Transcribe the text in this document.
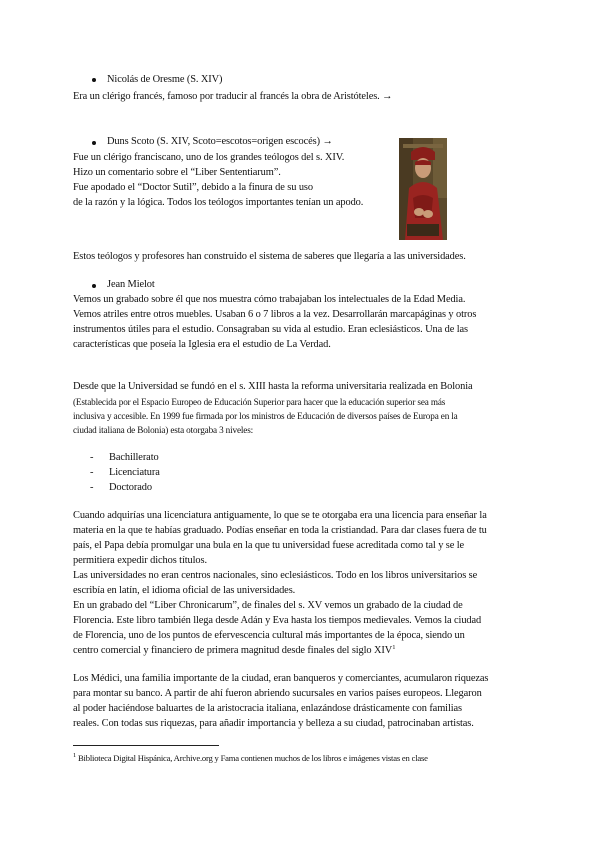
Nicolás de Oresme (S. XIV)
Era un clérigo francés, famoso por traducir al francés la obra de Aristóteles. →
Duns Scoto (S. XIV, Scoto=escotos=origen escocés) →
Fue un clérigo franciscano, uno de los grandes teólogos del s. XIV.
Hizo un comentario sobre el “Liber Sententiarum”.
Fue apodado el “Doctor Sutil”, debido a la finura de su uso
de la razón y la lógica. Todos los teólogos importantes tenían un apodo.
Estos teólogos y profesores han construido el sistema de saberes que llegaría a las universidades.
Jean Mielot
Vemos un grabado sobre él que nos muestra cómo trabajaban los intelectuales de la Edad Media.
Vemos atriles entre otros muebles. Usaban 6 o 7 libros a la vez. Desarrollarán marcapáginas y otros
instrumentos útiles para el estudio. Consagraban su vida al estudio. Eran eclesiásticos. Una de las
características que poseía la Iglesia era el estudio de La Verdad.
Desde que la Universidad se fundó en el s. XIII hasta la reforma universitaria realizada en Bolonia
(Establecida por el Espacio Europeo de Educación Superior para hacer que la educación superior sea más
inclusiva y accesible. En 1999 fue firmada por los ministros de Educación de diversos países de Europa en la
ciudad italiana de Bolonia) esta otorgaba 3 niveles:
- Bachillerato
- Licenciatura
- Doctorado
Cuando adquirías una licenciatura antiguamente, lo que se te otorgaba era una licencia para enseñar la
materia en la que te habías graduado. Podías enseñar en toda la cristiandad. Para dar clases fuera de tu
país, el Papa debía promulgar una bula en la que tu universidad fuese acreditada como tal y se le
permitiera expedir dichos títulos.
Las universidades no eran centros nacionales, sino eclesiásticos. Todo en los libros universitarios se
escribía en latín, el idioma oficial de las universidades.
En un grabado del “Liber Chronicarum”, de finales del s. XV vemos un grabado de la ciudad de
Florencia. Este libro también llega desde Adán y Eva hasta los tiempos medievales. Vemos la ciudad
de Florencia, uno de los puntos de efervescencia cultural más importantes de la época, siendo un
centro comercial y financiero de primera magnitud desde finales del siglo XIV$^1$
Los Médici, una familia importante de la ciudad, eran banqueros y comerciantes, acumularon riquezas
para montar su banco. A partir de ahí fueron abriendo sucursales en varios países europeos. Llegaron
al poder haciéndose baluartes de la aristocracia italiana, enlazándose drásticamente con familias
reales. Con todas sus riquezas, para añadir importancia y belleza a su ciudad, patrocinaban artistas.
$^1$ Biblioteca Digital Hispánica, Archive.org y Fama contienen muchos de los libros e imágenes vistas en clase
